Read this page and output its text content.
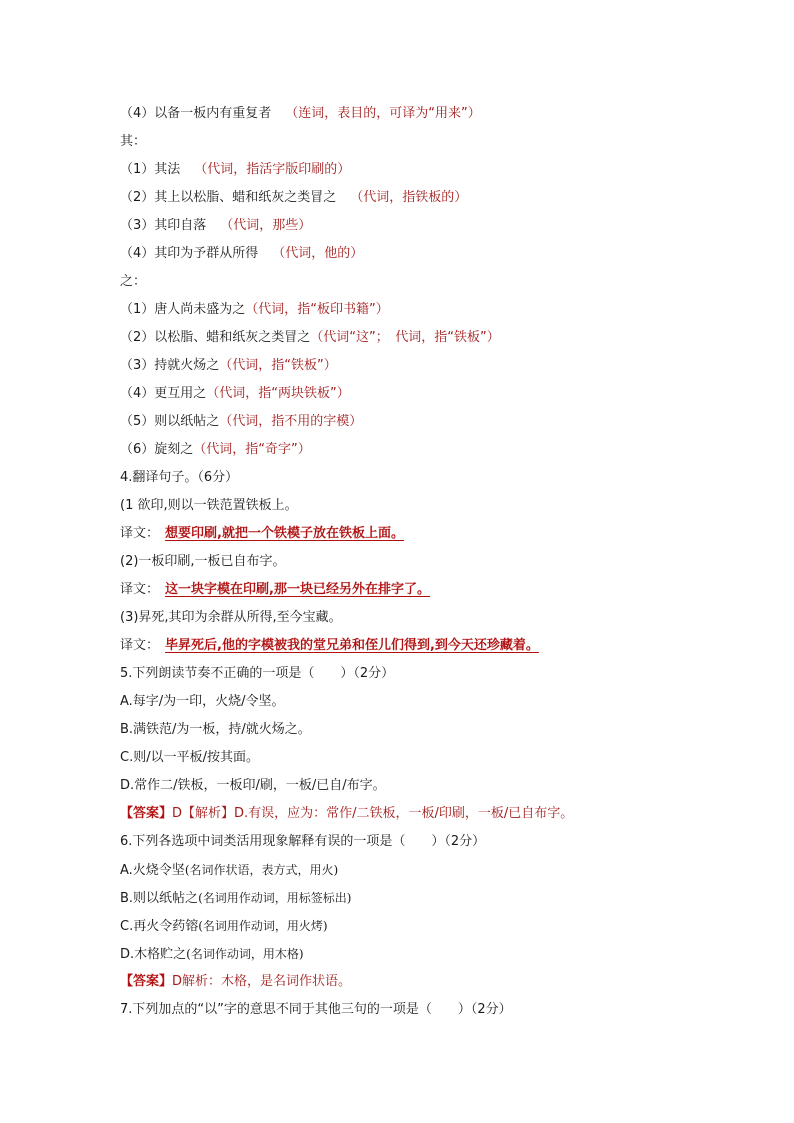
（4）以备一板内有重复者 （连词，表目的，可译为“用来”）
其：
（1）其法 （代词，指活字版印刷的）
（2）其上以松脂、蜡和纸灰之类冒之 （代词，指铁板的）
（3）其印自落 （代词，那些）
（4）其印为予群从所得 （代词，他的）
之：
（1）唐人尚未盛为之（代词，指“板印书籍”）
（2）以松脂、蜡和纸灰之类冒之（代词“这”；　代词，指“铁板”）
（3）持就火炀之（代词，指“铁板”）
（4）更互用之（代词，指“两块铁板”）
（5）则以纸帖之（代词，指不用的字模）
（6）旋刻之（代词，指“奇字”）
4.翻译句子。（6分）
(1 欲印,则以一铁范置铁板上。
译文： 想要印刷,就把一个铁模子放在铁板上面。
(2)一板印刷,一板已自布字。
译文： 这一块字模在印刷,那一块已经另外在排字了。
(3)昇死,其印为余群从所得,至今宝藏。
译文： 毕昇死后,他的字模被我的堂兄弟和侄儿们得到,到今天还珍藏着。
5.下列朗读节奏不正确的一项是（　　）（2分）
A.每字/为一印，火烧/令坚。
B.满铁范/为一板，持/就火炀之。
C.则/以一平板/按其面。
D.常作二/铁板，一板印/刷，一板/已自/布字。
【答案】D【解析】D.有误，应为：常作/二铁板，一板/印刷，一板/已自布字。
6.下列各选项中词类活用现象解释有误的一项是（　　）（2分）
A.火烧令坚(名词作状语，表方式，用火)
B.则以纸帖之(名词用作动词，用标签标出)
C.再火令药镕(名词用作动词，用火烤)
D.木格贮之(名词作动词，用木格)
【答案】D解析：木格，是名词作状语。
7.下列加点的“以”字的意思不同于其他三句的一项是（　　）（2分）
